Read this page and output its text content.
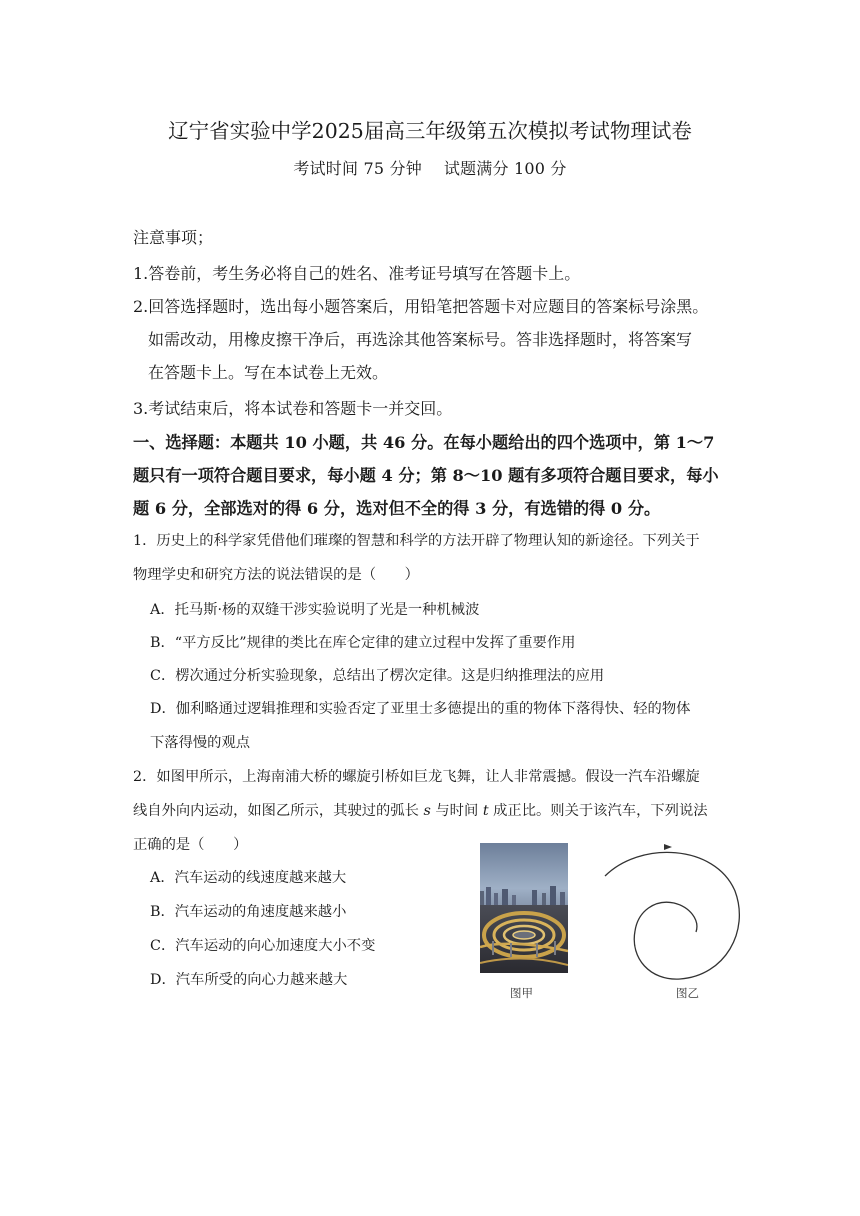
辽宁省实验中学2025届高三年级第五次模拟考试物理试卷
考试时间 75 分钟 试题满分 100 分
注意事项；
1.答卷前，考生务必将自己的姓名、准考证号填写在答题卡上。
2.回答选择题时，选出每小题答案后，用铅笔把答题卡对应题目的答案标号涂黑。
如需改动，用橡皮擦干净后，再选涂其他答案标号。答非选择题时，将答案写
在答题卡上。写在本试卷上无效。
3.考试结束后，将本试卷和答题卡一并交回。
一、选择题：本题共 10 小题，共 46 分。在每小题给出的四个选项中，第 1～7
题只有一项符合题目要求，每小题 4 分；第 8～10 题有多项符合题目要求，每小
题 6 分，全部选对的得 6 分，选对但不全的得 3 分，有选错的得 0 分。
1．历史上的科学家凭借他们璀璨的智慧和科学的方法开辟了物理认知的新途径。下列关于
物理学史和研究方法的说法错误的是（　　）
A．托马斯·杨的双缝干涉实验说明了光是一种机械波
B．“平方反比”规律的类比在库仑定律的建立过程中发挥了重要作用
C．楞次通过分析实验现象，总结出了楞次定律。这是归纳推理法的应用
D．伽利略通过逻辑推理和实验否定了亚里士多德提出的重的物体下落得快、轻的物体
下落得慢的观点
2．如图甲所示，上海南浦大桥的螺旋引桥如巨龙飞舞，让人非常震撼。假设一汽车沿螺旋
线自外向内运动，如图乙所示，其驶过的弧长 s 与时间 t 成正比。则关于该汽车，下列说法
正确的是（　　）
A．汽车运动的线速度越来越大
B．汽车运动的角速度越来越小
C．汽车运动的向心加速度大小不变
D．汽车所受的向心力越来越大
图甲	图乙
